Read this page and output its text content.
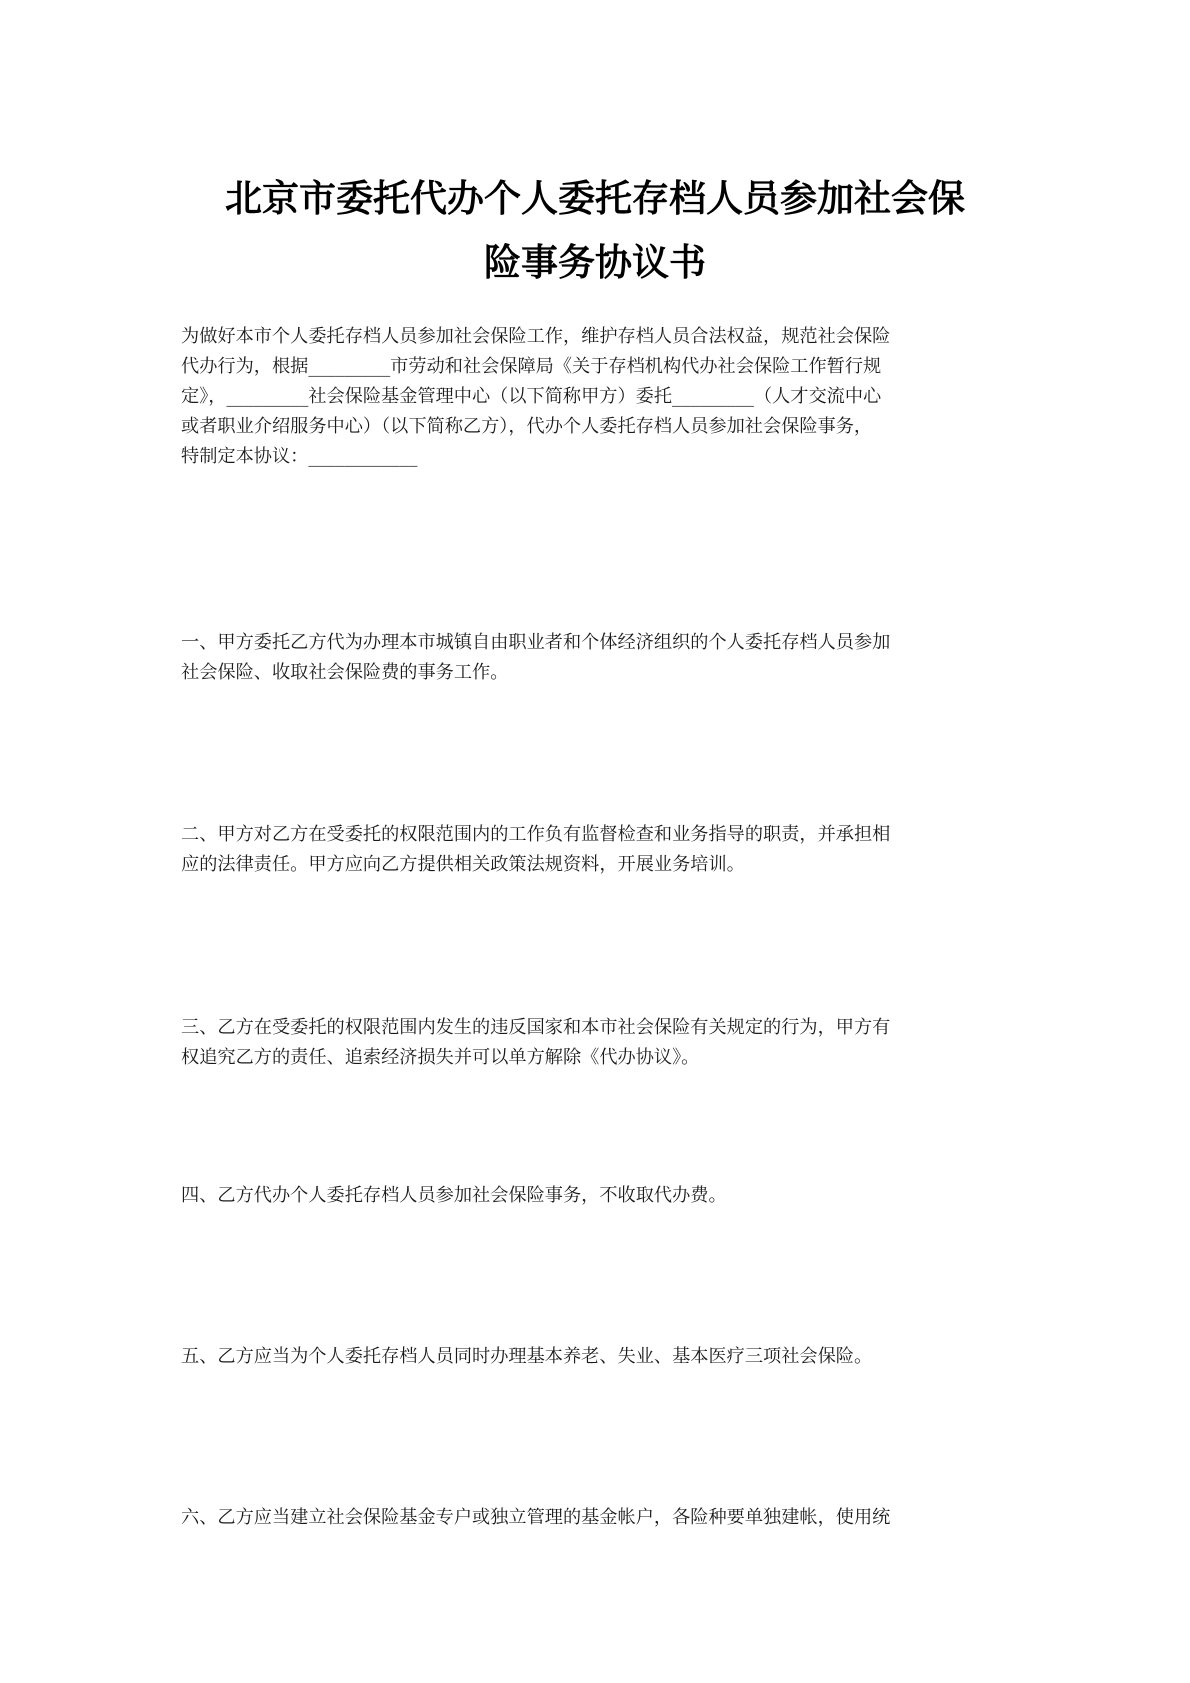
北京市委托代办个人委托存档人员参加社会保
险事务协议书
为做好本市个人委托存档人员参加社会保险工作，维护存档人员合法权益，规范社会保险
代办行为，根据_________市劳动和社会保障局《关于存档机构代办社会保险工作暂行规
定》，_________社会保险基金管理中心（以下简称甲方）委托_________（人才交流中心
或者职业介绍服务中心）（以下简称乙方），代办个人委托存档人员参加社会保险事务，
特制定本协议：____________
一、甲方委托乙方代为办理本市城镇自由职业者和个体经济组织的个人委托存档人员参加
社会保险、收取社会保险费的事务工作。
二、甲方对乙方在受委托的权限范围内的工作负有监督检查和业务指导的职责，并承担相
应的法律责任。甲方应向乙方提供相关政策法规资料，开展业务培训。
三、乙方在受委托的权限范围内发生的违反国家和本市社会保险有关规定的行为，甲方有
权追究乙方的责任、追索经济损失并可以单方解除《代办协议》。
四、乙方代办个人委托存档人员参加社会保险事务，不收取代办费。
五、乙方应当为个人委托存档人员同时办理基本养老、失业、基本医疗三项社会保险。
六、乙方应当建立社会保险基金专户或独立管理的基金帐户，各险种要单独建帐，使用统
